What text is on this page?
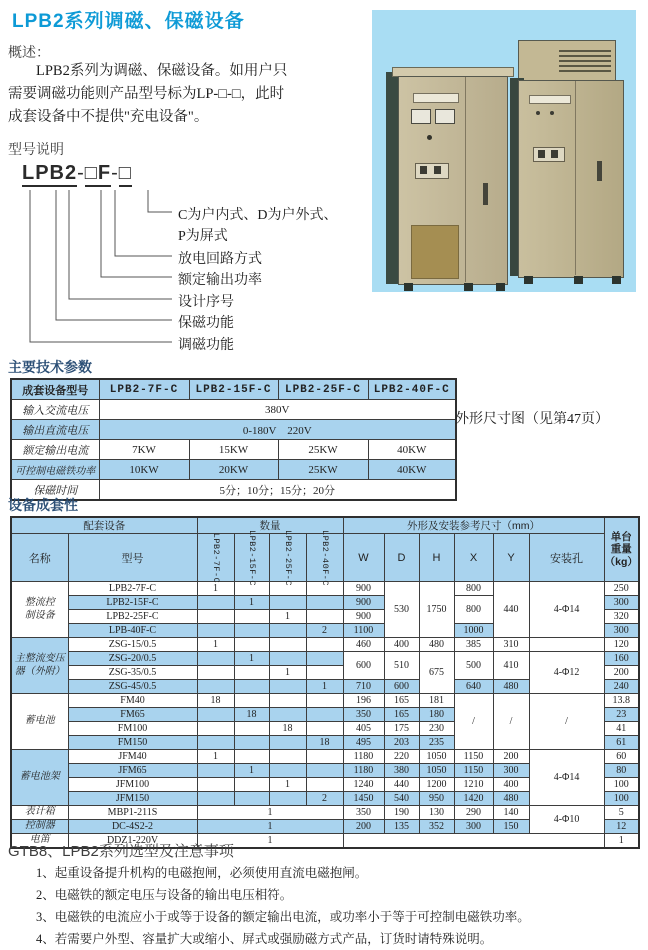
LPB2系列调磁、保磁设备
概述：
LPB2系列为调磁、保磁设备。如用户只
需要调磁功能则产品型号标为LP-□-□，此时
成套设备中不提供"充电设备"。
型号说明
LPB2-□F-□
C为户内式、D为户外式、
P为屏式
放电回路方式
额定输出功率
设计序号
保磁功能
调磁功能
主要技术参数
成套设备型号	LPB2-7F-C	LPB2-15F-C	LPB2-25F-C	LPB2-40F-C
输入交流电压	380V			
输出直流电压	0-180V　220V			
额定输出电流	7KW	15KW	25KW	40KW
可控制电磁铁功率	10KW	20KW	25KW	40KW
保磁时间	5分；10分；15分；20分			
外形尺寸图（见第47页）
设备成套性
配套设备		数量				外形及安装参考尺寸（mm）						单台
重量
（kg）
名称	型号	LPB2-7F-C	LPB2-15F-C	LPB2-25F-C	LPB2-40F-C	W	D	H	X	Y	安装孔	
整流控
制设备	LPB2-7F-C	1				900	530	1750	800	440	4-Φ14	250
	LPB2-15F-C		1			900			800			300
	LPB2-25F-C			1		900						320
	LPB-40F-C				2	1100			1000			300
主整流变压
器（外附）	ZSG-15/0.5	1				460	400	480	385	310		120
	ZSG-20/0.5		1			600	510	675	500	410	4-Φ12	160
	ZSG-35/0.5			1								200
	ZSG-45/0.5				1	710	600		640	480		240
蓄电池	FM40	18				196	165	181	/	/	/	13.8
	FM65		18			350	165	180				23
	FM100			18		405	175	230				41
	FM150				18	495	203	235				61
蓄电池架	JFM40	1				1180	220	1050	1150	200	4-Φ14	60
	JFM65		1			1180	380	1050	1150	300		80
	JFM100			1		1240	440	1200	1210	400		100
	JFM150				2	1450	540	950	1420	480		100
表计箱	MBP1-211S	1				350	190	130	290	140	4-Φ10	5
控制器	DC-4S2-2	1				200	135	352	300	150		12
电笛	DDZ1-220V	1										1
GTB8、LPB2系列选型及注意事项
1、起重设备提升机构的电磁抱闸，必须使用直流电磁抱闸。
2、电磁铁的额定电压与设备的输出电压相符。
3、电磁铁的电流应小于或等于设备的额定输出电流，或功率小于等于可控制电磁铁功率。
4、若需要户外型、容量扩大或缩小、屏式或强励磁方式产品，订货时请特殊说明。
